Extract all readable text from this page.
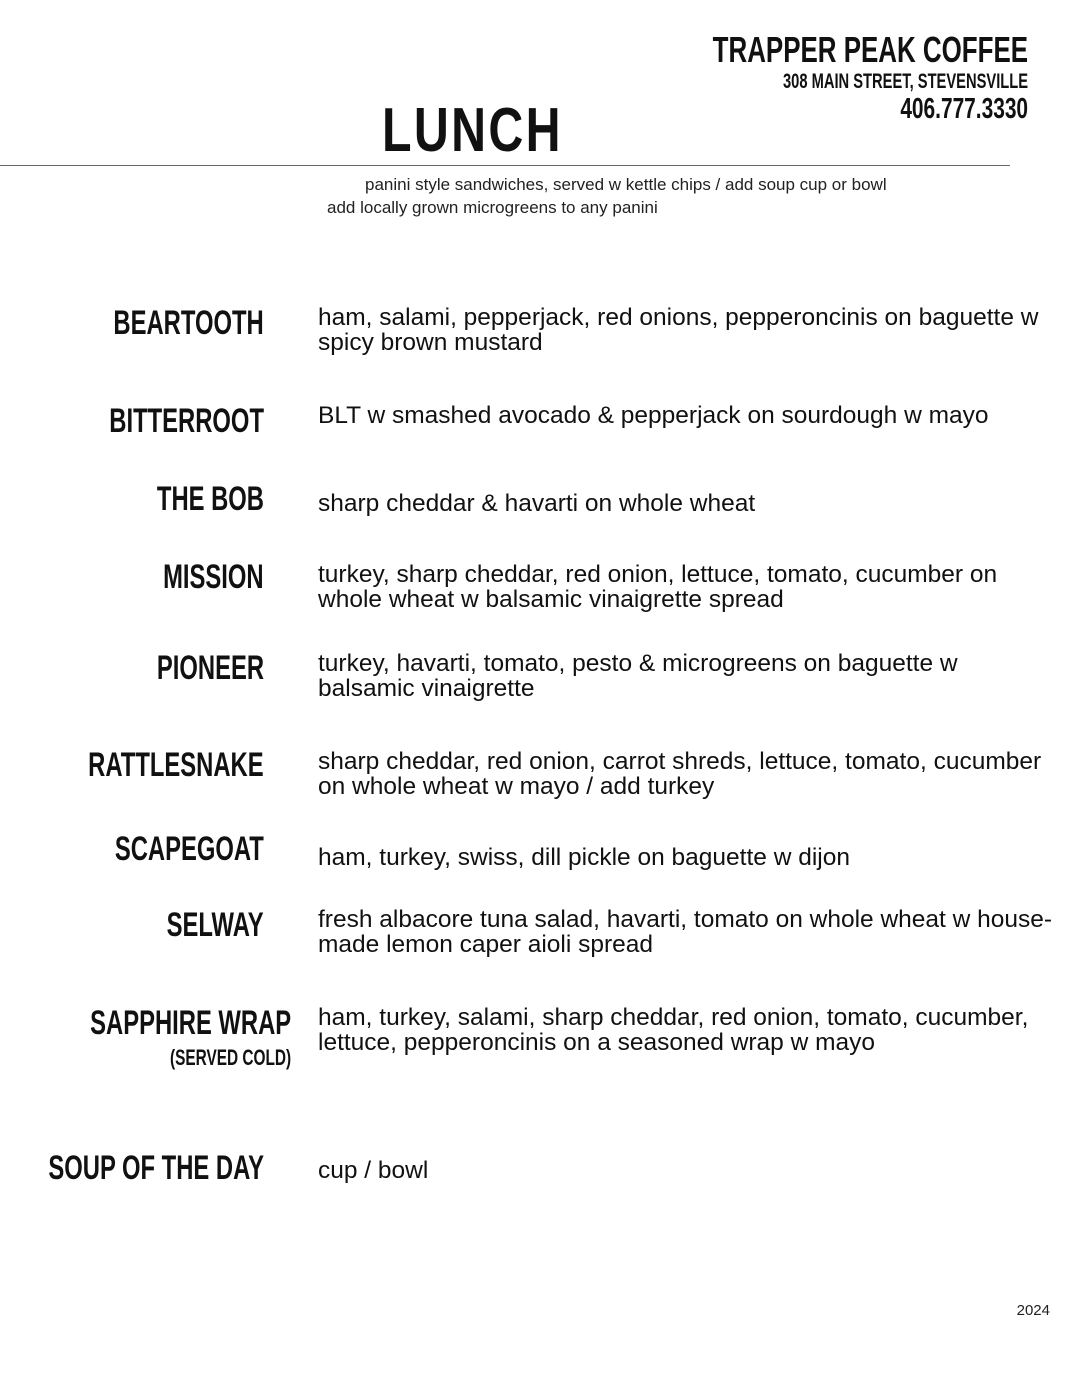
TRAPPER PEAK COFFEE
308 MAIN STREET, STEVENSVILLE
406.777.3330
LUNCH
panini style sandwiches, served w kettle chips / add soup cup or bowl
add locally grown microgreens to any panini
BEARTOOTH ham, salami, pepperjack, red onions, pepperoncinis on baguette w spicy brown mustard
BITTERROOT BLT w smashed avocado & pepperjack on sourdough w mayo
THE BOB sharp cheddar & havarti on whole wheat
MISSION turkey, sharp cheddar, red onion, lettuce, tomato, cucumber on whole wheat w balsamic vinaigrette spread
PIONEER turkey, havarti, tomato, pesto & microgreens on baguette w balsamic vinaigrette
RATTLESNAKE sharp cheddar, red onion, carrot shreds, lettuce, tomato, cucumber on whole wheat w mayo / add turkey
SCAPEGOAT ham, turkey, swiss, dill pickle on baguette w dijon
SELWAY fresh albacore tuna salad, havarti, tomato on whole wheat w house-made lemon caper aioli spread
SAPPHIRE WRAP
(SERVED COLD)
ham, turkey, salami, sharp cheddar, red onion, tomato, cucumber, lettuce, pepperoncinis on a seasoned wrap w mayo
SOUP OF THE DAY cup / bowl
2024
